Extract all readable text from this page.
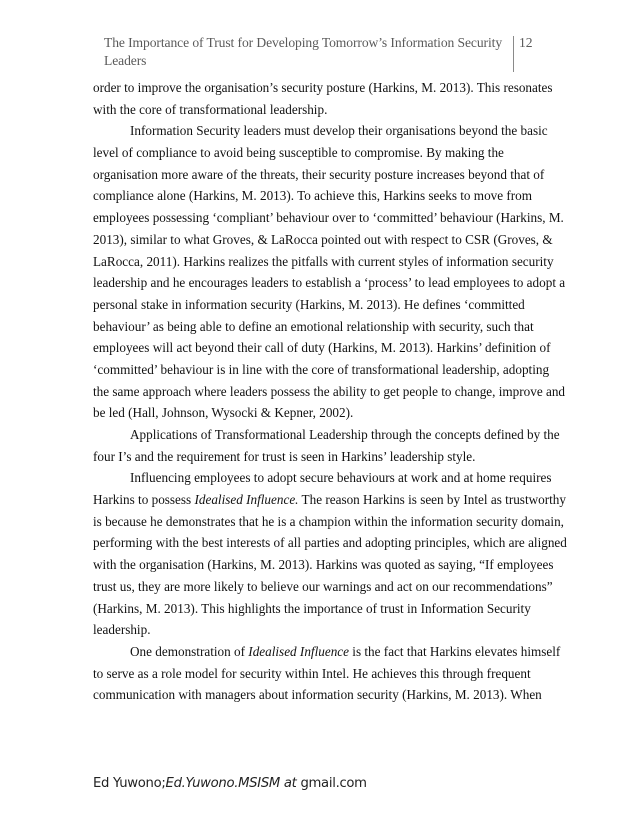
The Importance of Trust for Developing Tomorrow’s Information Security
Leaders
12

order to improve the organisation’s security posture (Harkins, M. 2013). This resonates
with the core of transformational leadership.

Information Security leaders must develop their organisations beyond the basic
level of compliance to avoid being susceptible to compromise. By making the
organisation more aware of the threats, their security posture increases beyond that of
compliance alone (Harkins, M. 2013). To achieve this, Harkins seeks to move from
employees possessing ‘compliant’ behaviour over to ‘committed’ behaviour (Harkins, M.
2013), similar to what Groves, & LaRocca pointed out with respect to CSR (Groves, &
LaRocca, 2011). Harkins realizes the pitfalls with current styles of information security
leadership and he encourages leaders to establish a ‘process’ to lead employees to adopt a
personal stake in information security (Harkins, M. 2013). He defines ‘committed
behaviour’ as being able to define an emotional relationship with security, such that
employees will act beyond their call of duty (Harkins, M. 2013). Harkins’ definition of
‘committed’ behaviour is in line with the core of transformational leadership, adopting
the same approach where leaders possess the ability to get people to change, improve and
be led (Hall, Johnson, Wysocki & Kepner, 2002).

Applications of Transformational Leadership through the concepts defined by the
four I’s and the requirement for trust is seen in Harkins’ leadership style.

Influencing employees to adopt secure behaviours at work and at home requires
Harkins to possess Idealised Influence. The reason Harkins is seen by Intel as trustworthy
is because he demonstrates that he is a champion within the information security domain,
performing with the best interests of all parties and adopting principles, which are aligned
with the organisation (Harkins, M. 2013). Harkins was quoted as saying, “If employees
trust us, they are more likely to believe our warnings and act on our recommendations”
(Harkins, M. 2013). This highlights the importance of trust in Information Security
leadership.

One demonstration of Idealised Influence is the fact that Harkins elevates himself
to serve as a role model for security within Intel. He achieves this through frequent
communication with managers about information security (Harkins, M. 2013). When

Ed Yuwono;Ed.Yuwono.MSISM at gmail.com
